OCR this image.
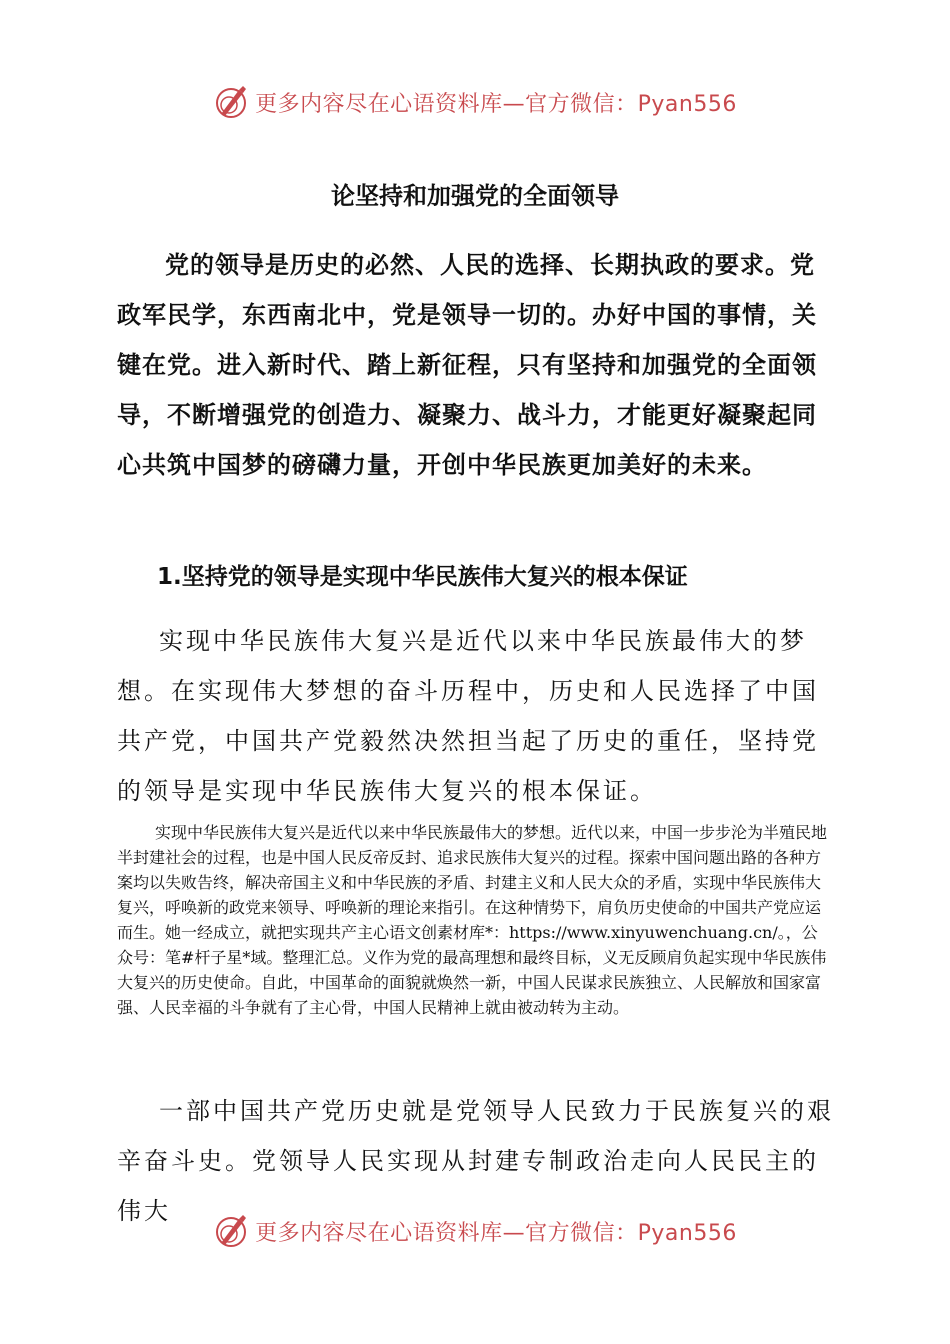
更多内容尽在心语资料库—官方微信：Pyan556
论坚持和加强党的全面领导

党的领导是历史的必然、人民的选择、长期执政的要求。党政军民学，东西南北中，党是领导一切的。办好中国的事情，关键在党。进入新时代、踏上新征程，只有坚持和加强党的全面领导，不断增强党的创造力、凝聚力、战斗力，才能更好凝聚起同心共筑中国梦的磅礴力量，开创中华民族更加美好的未来。

1.坚持党的领导是实现中华民族伟大复兴的根本保证

实现中华民族伟大复兴是近代以来中华民族最伟大的梦想。在实现伟大梦想的奋斗历程中，历史和人民选择了中国共产党，中国共产党毅然决然担当起了历史的重任，坚持党的领导是实现中华民族伟大复兴的根本保证。

实现中华民族伟大复兴是近代以来中华民族最伟大的梦想。近代以来，中国一步步沦为半殖民地半封建社会的过程，也是中国人民反帝反封、追求民族伟大复兴的过程。探索中国问题出路的各种方案均以失败告终，解决帝国主义和中华民族的矛盾、封建主义和人民大众的矛盾，实现中华民族伟大复兴，呼唤新的政党来领导、呼唤新的理论来指引。在这种情势下，肩负历史使命的中国共产党应运而生。她一经成立，就把实现共产主心语文创素材库*：https://www.xinyuwenchuang.cn/。，公众号：笔#杆子星*域。整理汇总。义作为党的最高理想和最终目标，义无反顾肩负起实现中华民族伟大复兴的历史使命。自此，中国革命的面貌就焕然一新，中国人民谋求民族独立、人民解放和国家富强、人民幸福的斗争就有了主心骨，中国人民精神上就由被动转为主动。

一部中国共产党历史就是党领导人民致力于民族复兴的艰辛奋斗史。党领导人民实现从封建专制政治走向人民民主的伟大

更多内容尽在心语资料库—官方微信：Pyan556
